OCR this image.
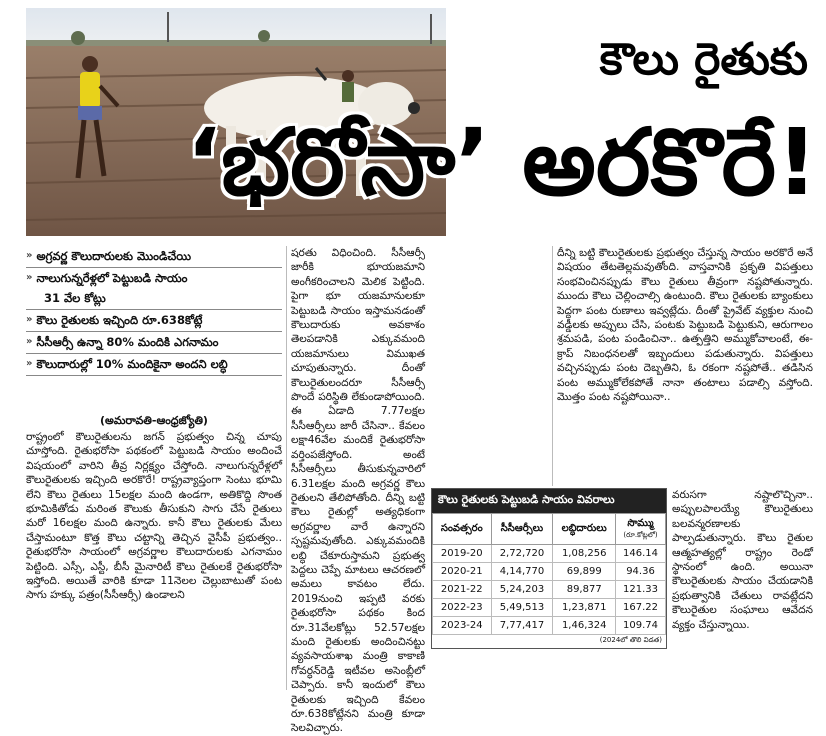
కౌలు రైతుకు
‘భరోసా’ అరకొరే!
» అగ్రవర్ణ కౌలుదారులకు మొండిచేయి
» నాలుగున్నరేళ్లలో పెట్టుబడి సాయం
31 వేల కోట్లు
» కౌలు రైతులకు ఇచ్చింది రూ.638కోట్లే
» సీసీఆర్సీ ఉన్నా 80% మందికి ఎగనామం
» కౌలుదారుల్లో 10% మందికైనా అందని లబ్ధి
(అమరావతి-ఆంధ్రజ్యోతి)

రాష్ట్రంలో కౌలురైతులను జగన్ ప్రభుత్వం చిన్న చూపు చూస్తోంది. రైతుభరోసా పథకంలో పెట్టుబడి సాయం అందించే విషయంలో వారిని తీవ్ర నిర్లక్ష్యం చేస్తోంది. నాలుగున్నరేళ్లలో కౌలురైతులకు ఇచ్చింది అరకొరే! రాష్ట్రవ్యాప్తంగా సెంటు భూమి లేని కౌలు రైతులు 15లక్షల మంది ఉండగా, అతికొద్ది సొంత భూమికితోడు మరింత కౌలుకు తీసుకుని సాగు చేసే రైతులు మరో 16లక్షల మంది ఉన్నారు. కానీ కౌలు రైతులకు మేలు చేస్తామంటూ కొత్త కౌలు చట్టాన్ని తెచ్చిన వైసీపీ ప్రభుత్వం.. రైతుభరోసా సాయంలో అగ్రవర్ణాల కౌలుదారులకు ఎగనామం పెట్టింది. ఎస్సీ, ఎస్టీ, బీసీ మైనారిటీ కౌలు రైతులకే రైతుభరోసా ఇస్తోంది. అయితే వారికి కూడా 11నెలల చెల్లుబాటుతో పంట సాగు హక్కు పత్రం(సీసీఆర్సీ) ఉండాలని

షరతు విధించింది. సీసీఆర్సీ జారీకి భూయజమాని అంగీకరించాలని మెలిక పెట్టింది. పైగా భూ యజమానులకూ పెట్టుబడి సాయం ఇస్తామనడంతో కౌలుదారుకు అవకాశం తెలపడానికి ఎక్కువమంది యజమానులు విముఖత చూపుతున్నారు. దీంతో కౌలురైతులందరూ సీసీఆర్సీ పొందే పరిస్థితి లేకుండాపోయింది. ఈ ఏడాది 7.77లక్షల సీసీఆర్సీలు జారీ చేసినా.. కేవలం లక్షా46వేల మందికే రైతుభరోసా వర్తింపజేస్తోంది. అంటే సీసీఆర్సీలు తీసుకున్నవారిలో 6.31లక్షల మంది అగ్రవర్ణ కౌలు రైతులని తేలిపోతోంది. దీన్ని బట్టి కౌలు రైతుల్లో అత్యధికంగా అగ్రవర్ణాల వారే ఉన్నారని స్పష్టమవుతోంది. ఎక్కువమందికి లబ్ధి చేకూరుస్తామని ప్రభుత్వ పెద్దలు చెప్పే మాటలు ఆచరణలో అమలు కావటం లేదు. 2019నుంచి ఇప్పటి వరకు రైతుభరోసా పథకం కింద రూ.31వేలకోట్లు 52.57లక్షల మంది రైతులకు అందించినట్టు వ్యవసాయశాఖ మంత్రి కాకాణి గోవర్ధన్‌రెడ్డి ఇటీవల అసెంబ్లీలో చెప్పారు. కానీ ఇందులో కౌలు రైతులకు ఇచ్చింది కేవలం రూ.638కోట్లేనని మంత్రి కూడా సెలవిచ్చారు.

దీన్ని బట్టి కౌలురైతులకు ప్రభుత్వం చేస్తున్న సాయం అరకొరే అనే విషయం తేటతెల్లమవుతోంది. వాస్తవానికి ప్రకృతి విపత్తులు సంభవించినప్పుడు కౌలు రైతులు తీవ్రంగా నష్టపోతున్నారు. ముందు కౌలు చెల్లించాల్సి ఉంటుంది. కౌలు రైతులకు బ్యాంకులు పెద్దగా పంట రుణాలు ఇవ్వట్లేదు. దీంతో ప్రైవేట్ వ్యక్తుల నుంచి వడ్డీలకు అప్పులు చేసి, పంటకు పెట్టుబడి పెట్టుకుని, ఆరుగాలం శ్రమపడి, పంట పండించినా.. ఉత్పత్తిని అమ్ముకోవాలంటే, ఈ-క్రాప్ నిబంధనలతో ఇబ్బందులు పడుతున్నారు. విపత్తులు వచ్చినప్పుడు పంట దెబ్బతిని, ఓ రకంగా నష్టపోతే.. తడిసిన పంట అమ్ముకోలేకపోతే నానా తంటాలు పడాల్సి వస్తోంది. మొత్తం పంట నష్టపోయినా..

వరుసగా నష్టాలొచ్చినా.. అప్పులపాలయ్యే కౌలురైతులు బలవన్మరణాలకు పాల్పడుతున్నారు. కౌలు రైతుల ఆత్మహత్యల్లో రాష్ట్రం రెండో స్థానంలో ఉంది. అయినా కౌలురైతులకు సాయం చేయడానికి ప్రభుత్వానికి చేతులు రావట్లేదని కౌలురైతుల సంఘాలు ఆవేదన వ్యక్తం చేస్తున్నాయి.

కౌలు రైతులకు పెట్టుబడి సాయం వివరాలు
సంవత్సరం	సీసీఆర్సీలు	లబ్ధిదారులు	సొమ్ము
(రూ.కోట్లలో)

2019-20	2,72,720	1,08,256	146.14
2020-21	4,14,770	69,899	94.36
2021-22	5,24,203	89,877	121.33
2022-23	5,49,513	1,23,871	167.22
2023-24	7,77,417	1,46,324	109.74
(2024లో తొలి విడత)
